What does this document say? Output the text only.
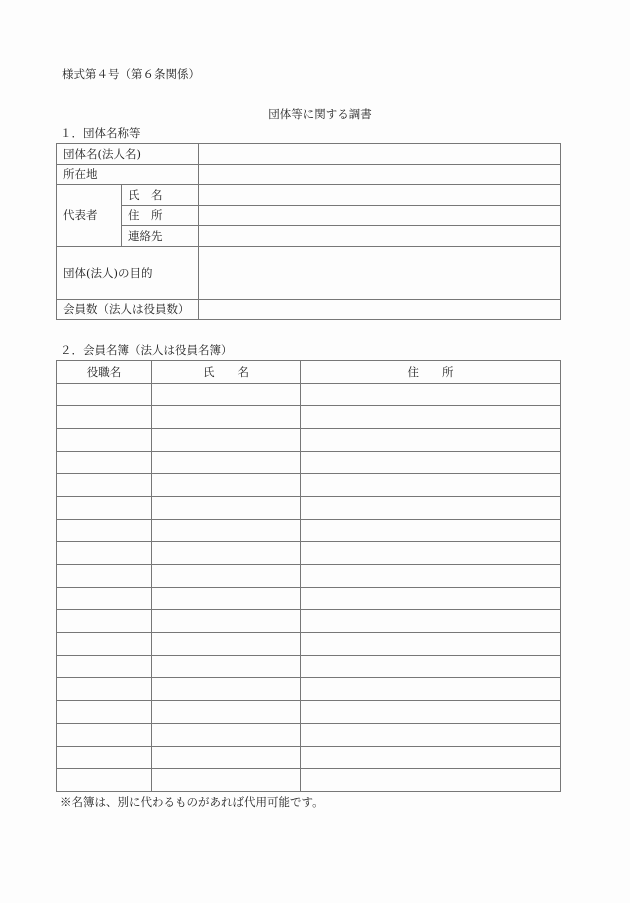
様式第４号（第６条関係）
団体等に関する調書
１．団体名称等
団体名(法人名)		
所在地		
代表者	氏　名	
	住　所	
	連絡先	
団体(法人)の目的		
会員数（法人は役員数）		
２．会員名簿（法人は役員名簿）
役職名	氏　　名	住　　所

※名簿は、別に代わるものがあれば代用可能です。
